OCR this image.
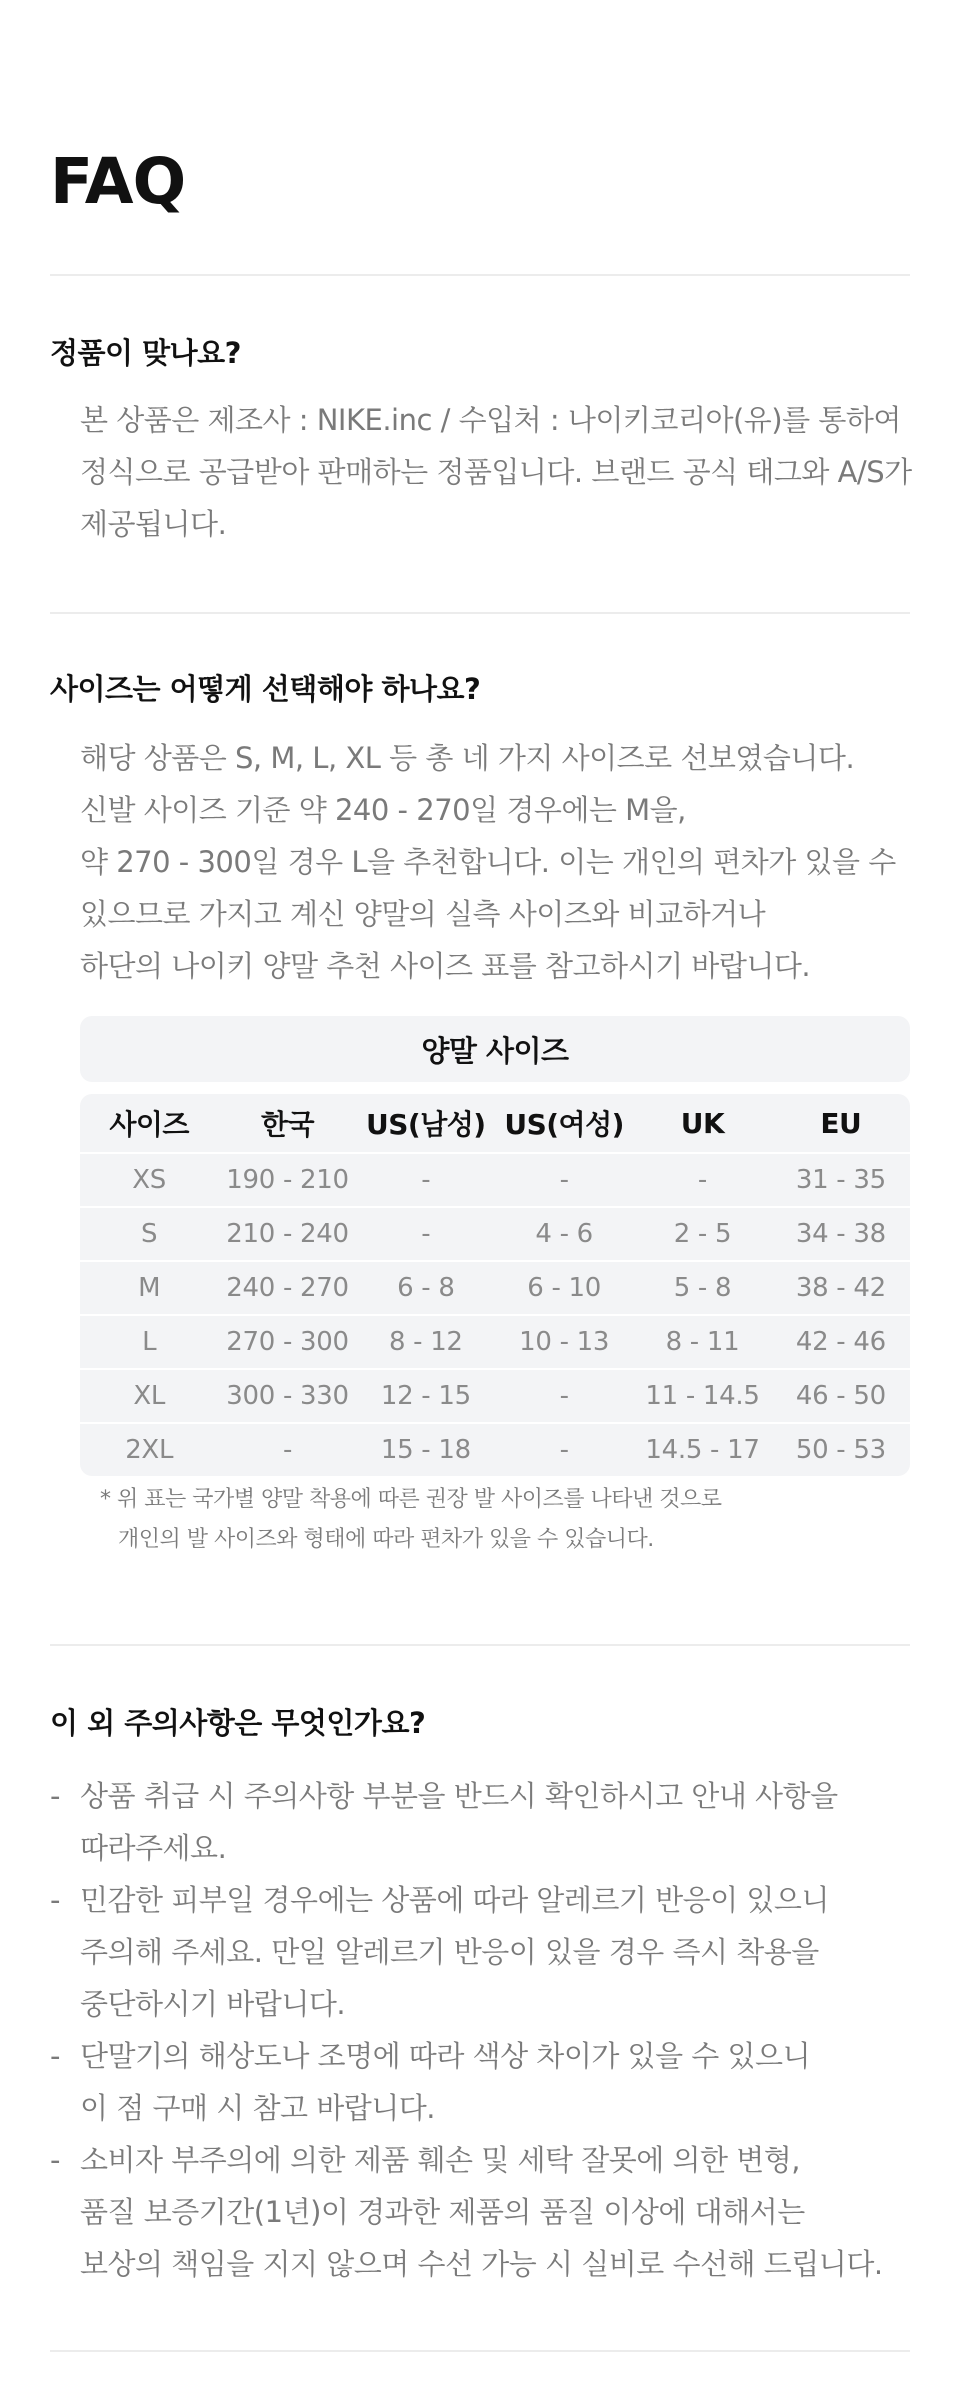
FAQ
정품이 맞나요?

본 상품은 제조사 : NIKE.inc / 수입처 : 나이키코리아(유)를 통하여
정식으로 공급받아 판매하는 정품입니다. 브랜드 공식 태그와 A/S가
제공됩니다.

사이즈는 어떻게 선택해야 하나요?

해당 상품은 S, M, L, XL 등 총 네 가지 사이즈로 선보였습니다.
신발 사이즈 기준 약 240 - 270일 경우에는 M을,
약 270 - 300일 경우 L을 추천합니다. 이는 개인의 편차가 있을 수
있으므로 가지고 계신 양말의 실측 사이즈와 비교하거나
하단의 나이키 양말 추천 사이즈 표를 참고하시기 바랍니다.

양말 사이즈
사이즈	한국	US(남성)	US(여성)	UK	EU
XS	190 - 210	-	-	-	31 - 35
S	210 - 240	-	4 - 6	2 - 5	34 - 38
M	240 - 270	6 - 8	6 - 10	5 - 8	38 - 42
L	270 - 300	8 - 12	10 - 13	8 - 11	42 - 46
XL	300 - 330	12 - 15	-	11 - 14.5	46 - 50
2XL	-	15 - 18	-	14.5 - 17	50 - 53

* 위 표는 국가별 양말 착용에 따른 권장 발 사이즈를 나타낸 것으로
개인의 발 사이즈와 형태에 따라 편차가 있을 수 있습니다.

이 외 주의사항은 무엇인가요?
- 상품 취급 시 주의사항 부분을 반드시 확인하시고 안내 사항을
따라주세요.
- 민감한 피부일 경우에는 상품에 따라 알레르기 반응이 있으니
주의해 주세요. 만일 알레르기 반응이 있을 경우 즉시 착용을
중단하시기 바랍니다.
- 단말기의 해상도나 조명에 따라 색상 차이가 있을 수 있으니
이 점 구매 시 참고 바랍니다.
- 소비자 부주의에 의한 제품 훼손 및 세탁 잘못에 의한 변형,
품질 보증기간(1년)이 경과한 제품의 품질 이상에 대해서는
보상의 책임을 지지 않으며 수선 가능 시 실비로 수선해 드립니다.
